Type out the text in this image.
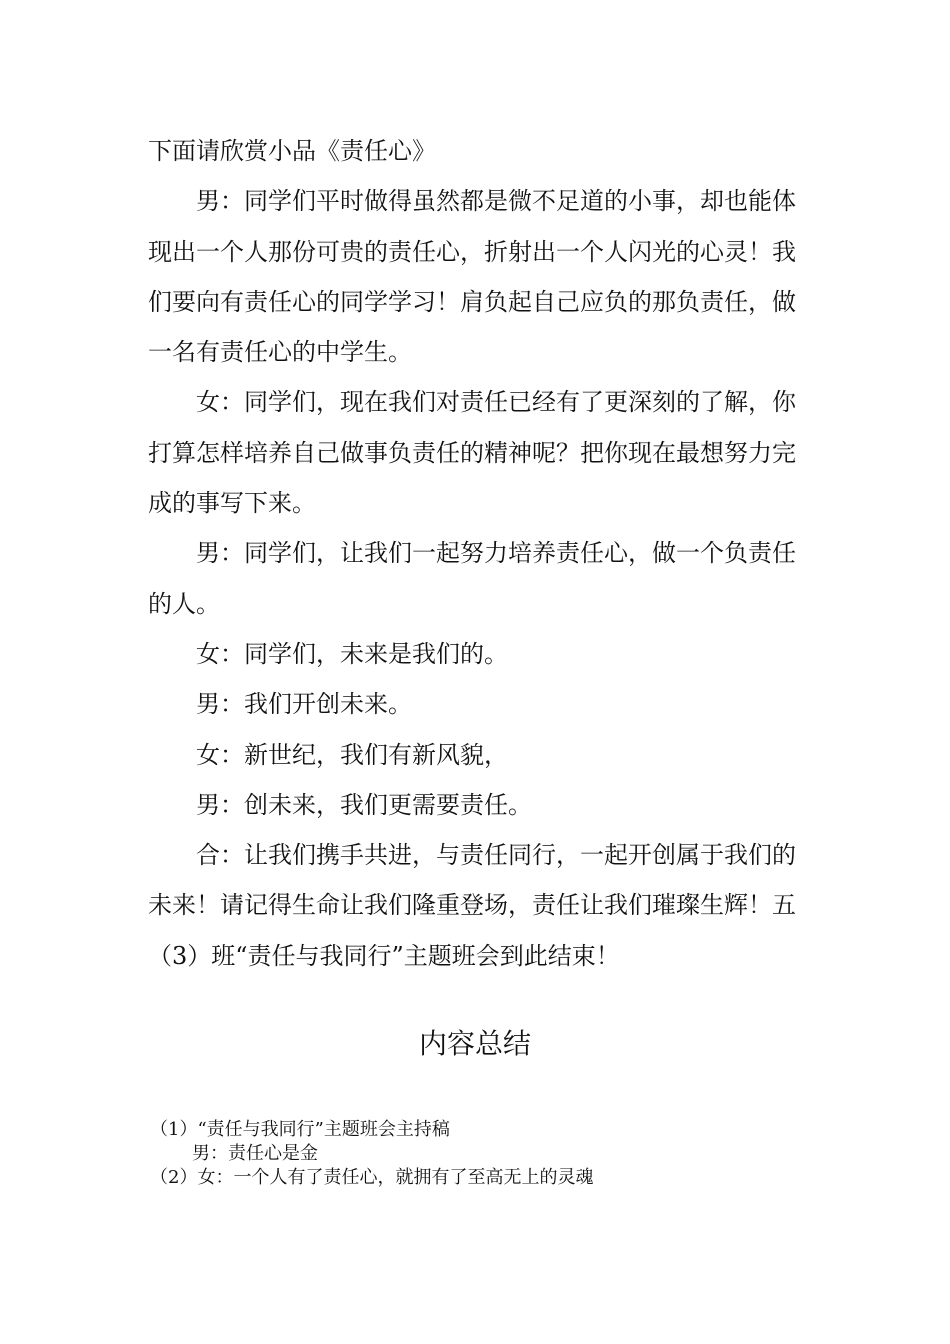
下面请欣赏小品《责任心》

男：同学们平时做得虽然都是微不足道的小事，却也能体现出一个人那份可贵的责任心，折射出一个人闪光的心灵！我们要向有责任心的同学学习！肩负起自己应负的那负责任，做一名有责任心的中学生。

女：同学们，现在我们对责任已经有了更深刻的了解，你打算怎样培养自己做事负责任的精神呢？把你现在最想努力完成的事写下来。

男：同学们，让我们一起努力培养责任心，做一个负责任的人。

女：同学们，未来是我们的。

男：我们开创未来。

女：新世纪，我们有新风貌，

男：创未来，我们更需要责任。

合：让我们携手共进，与责任同行，一起开创属于我们的未来！请记得生命让我们隆重登场，责任让我们璀璨生辉！五（3）班“责任与我同行”主题班会到此结束！

内容总结

（1）“责任与我同行”主题班会主持稿

男：责任心是金

（2）女：一个人有了责任心，就拥有了至高无上的灵魂
